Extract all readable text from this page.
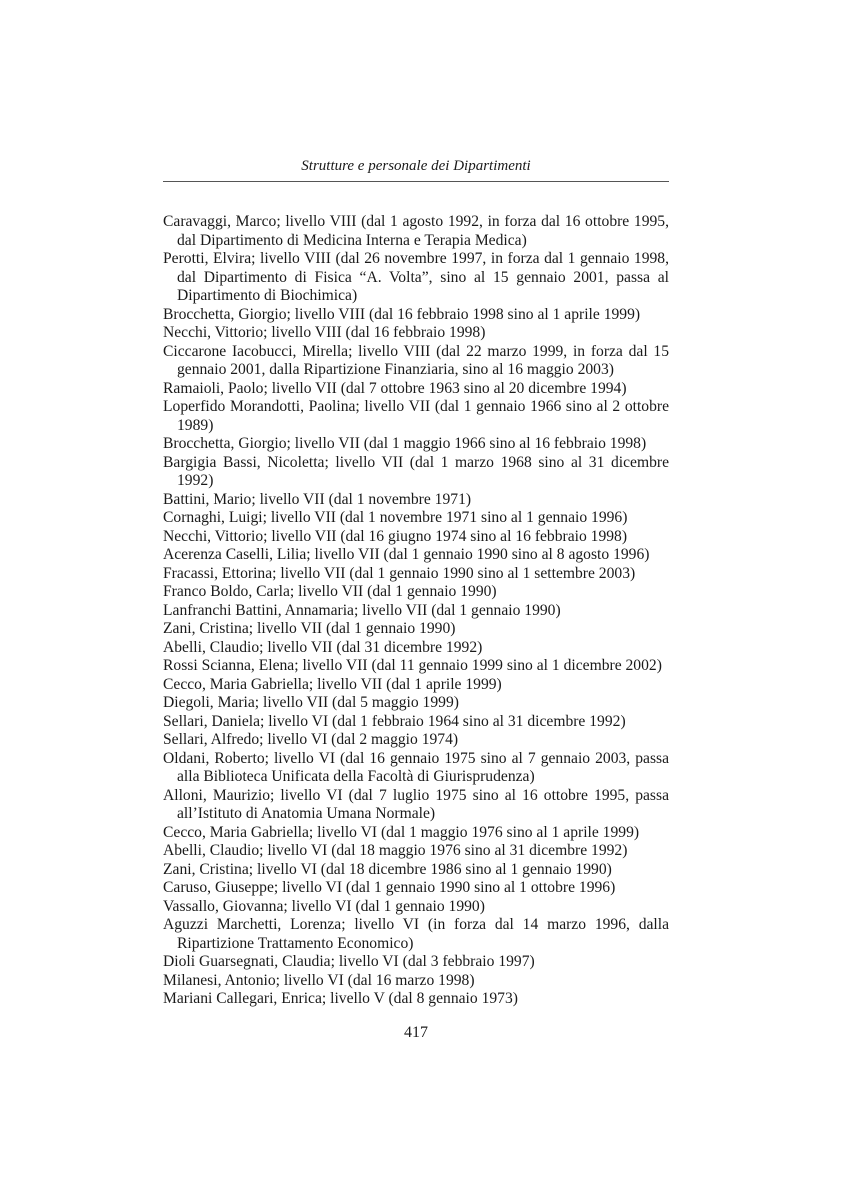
Strutture e personale dei Dipartimenti
Caravaggi, Marco; livello VIII (dal 1 agosto 1992, in forza dal 16 ottobre 1995, dal Dipartimento di Medicina Interna e Terapia Medica)
Perotti, Elvira; livello VIII (dal 26 novembre 1997, in forza dal 1 gennaio 1998, dal Dipartimento di Fisica “A. Volta”, sino al 15 gennaio 2001, passa al Dipartimento di Biochimica)
Brocchetta, Giorgio; livello VIII (dal 16 febbraio 1998 sino al 1 aprile 1999)
Necchi, Vittorio; livello VIII (dal 16 febbraio 1998)
Ciccarone Iacobucci, Mirella; livello VIII (dal 22 marzo 1999, in forza dal 15 gennaio 2001, dalla Ripartizione Finanziaria, sino al 16 maggio 2003)
Ramaioli, Paolo; livello VII (dal 7 ottobre 1963 sino al 20 dicembre 1994)
Loperfido Morandotti, Paolina; livello VII (dal 1 gennaio 1966 sino al 2 ottobre 1989)
Brocchetta, Giorgio; livello VII (dal 1 maggio 1966 sino al 16 febbraio 1998)
Bargigia Bassi, Nicoletta; livello VII (dal 1 marzo 1968 sino al 31 dicembre 1992)
Battini, Mario; livello VII (dal 1 novembre 1971)
Cornaghi, Luigi; livello VII (dal 1 novembre 1971 sino al 1 gennaio 1996)
Necchi, Vittorio; livello VII (dal 16 giugno 1974 sino al 16 febbraio 1998)
Acerenza Caselli, Lilia; livello VII (dal 1 gennaio 1990 sino al 8 agosto 1996)
Fracassi, Ettorina; livello VII (dal 1 gennaio 1990 sino al 1 settembre 2003)
Franco Boldo, Carla; livello VII (dal 1 gennaio 1990)
Lanfranchi Battini, Annamaria; livello VII (dal 1 gennaio 1990)
Zani, Cristina; livello VII (dal 1 gennaio 1990)
Abelli, Claudio; livello VII (dal 31 dicembre 1992)
Rossi Scianna, Elena; livello VII (dal 11 gennaio 1999 sino al 1 dicembre 2002)
Cecco, Maria Gabriella; livello VII (dal 1 aprile 1999)
Diegoli, Maria; livello VII (dal 5 maggio 1999)
Sellari, Daniela; livello VI (dal 1 febbraio 1964 sino al 31 dicembre 1992)
Sellari, Alfredo; livello VI (dal 2 maggio 1974)
Oldani, Roberto; livello VI (dal 16 gennaio 1975 sino al 7 gennaio 2003, passa alla Biblioteca Unificata della Facoltà di Giurisprudenza)
Alloni, Maurizio; livello VI (dal 7 luglio 1975 sino al 16 ottobre 1995, passa all’Istituto di Anatomia Umana Normale)
Cecco, Maria Gabriella; livello VI (dal 1 maggio 1976 sino al 1 aprile 1999)
Abelli, Claudio; livello VI (dal 18 maggio 1976 sino al 31 dicembre 1992)
Zani, Cristina; livello VI (dal 18 dicembre 1986 sino al 1 gennaio 1990)
Caruso, Giuseppe; livello VI (dal 1 gennaio 1990 sino al 1 ottobre 1996)
Vassallo, Giovanna; livello VI (dal 1 gennaio 1990)
Aguzzi Marchetti, Lorenza; livello VI (in forza dal 14 marzo 1996, dalla Ripartizione Trattamento Economico)
Dioli Guarsegnati, Claudia; livello VI (dal 3 febbraio 1997)
Milanesi, Antonio; livello VI (dal 16 marzo 1998)
Mariani Callegari, Enrica; livello V (dal 8 gennaio 1973)
417
